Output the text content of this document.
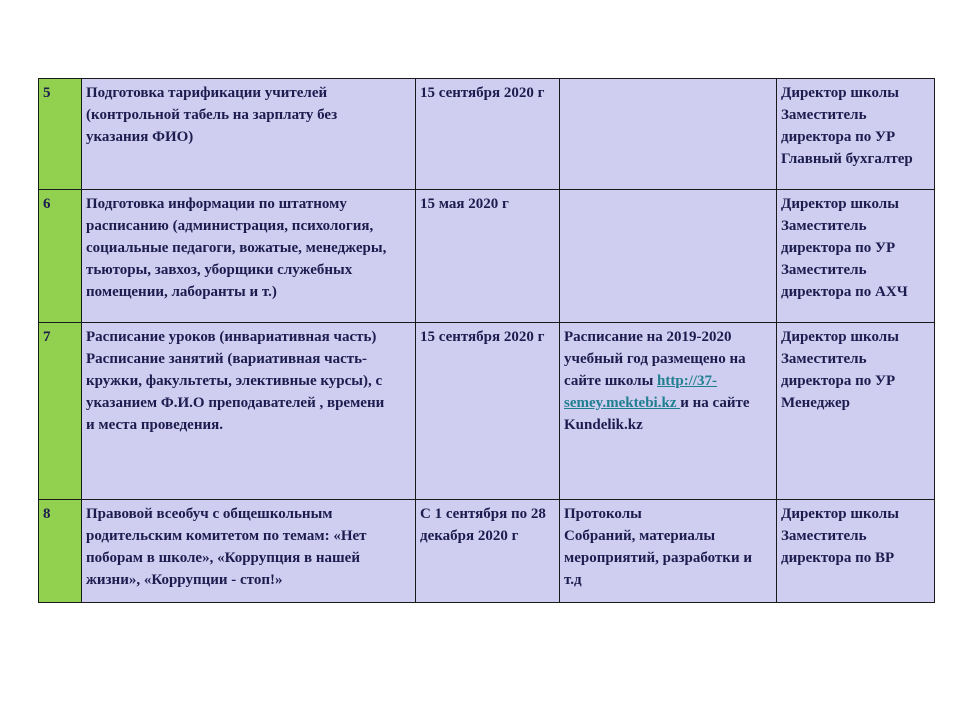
5	Подготовка тарификации учителей
(контрольной табель на зарплату без
указания ФИО)	15 сентября 2020 г		Директор школы
Заместитель
директора по УР
Главный бухгалтер

6	Подготовка информации по штатному
расписанию (администрация, психология,
социальные педагоги, вожатые, менеджеры,
тьюторы, завхоз, уборщики служебных
помещении, лаборанты и т.)	15 мая 2020 г		Директор школы
Заместитель
директора по УР
Заместитель
директора по АХЧ

7	Расписание уроков (инвариативная часть)
Расписание занятий (вариативная часть-
кружки, факультеты, элективные курсы), с
указанием Ф.И.О преподавателей , времени
и места проведения.	15 сентября 2020 г	Расписание на 2019-2020
учебный год размещено на
сайте школы http://37-
semey.mektebi.kz и на сайте
Kundelik.kz	Директор школы
Заместитель
директора по УР
Менеджер

8	Правовой всеобуч с общешкольным
родительским комитетом по темам: «Нет
поборам в школе», «Коррупция в нашей
жизни», «Коррупции - стоп!»	С 1 сентября по 28
декабря 2020 г	Протоколы
Собраний, материалы
мероприятий, разработки и
т.д	Директор школы
Заместитель
директора по ВР
